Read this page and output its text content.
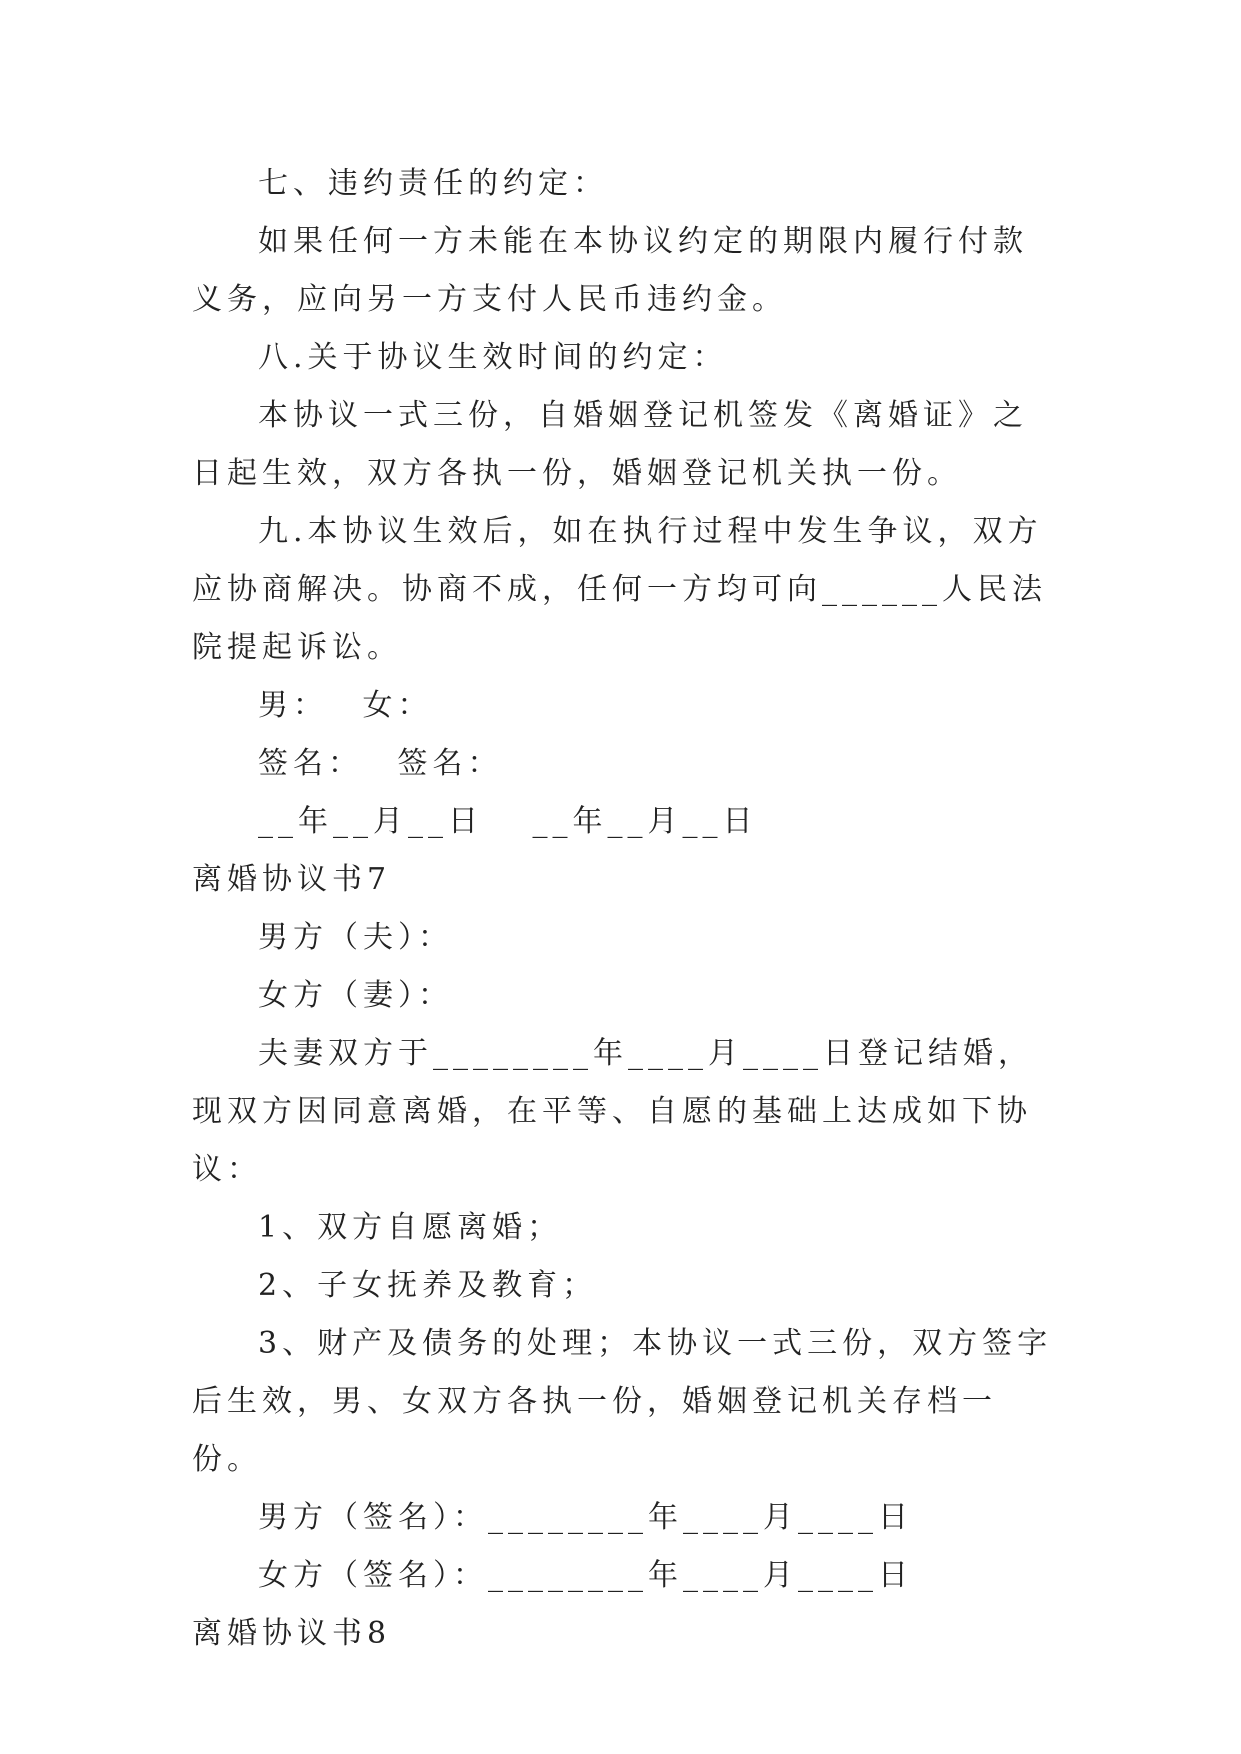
七、违约责任的约定：

如果任何一方未能在本协议约定的期限内履行付款义务，应向另一方支付人民币违约金。

八.关于协议生效时间的约定：

本协议一式三份，自婚姻登记机签发《离婚证》之日起生效，双方各执一份，婚姻登记机关执一份。

九.本协议生效后，如在执行过程中发生争议，双方应协商解决。协商不成，任何一方均可向______人民法院提起诉讼。

男：　 女：

签名：　 签名：

__年__月__日　 __年__月__日

离婚协议书7

男方（夫）：

女方（妻）：

夫妻双方于________年____月____日登记结婚，现双方因同意离婚，在平等、自愿的基础上达成如下协议：

1、双方自愿离婚；

2、子女抚养及教育；

3、财产及债务的处理；本协议一式三份，双方签字后生效，男、女双方各执一份，婚姻登记机关存档一份。

男方（签名）：________年____月____日

女方（签名）：________年____月____日

离婚协议书8
